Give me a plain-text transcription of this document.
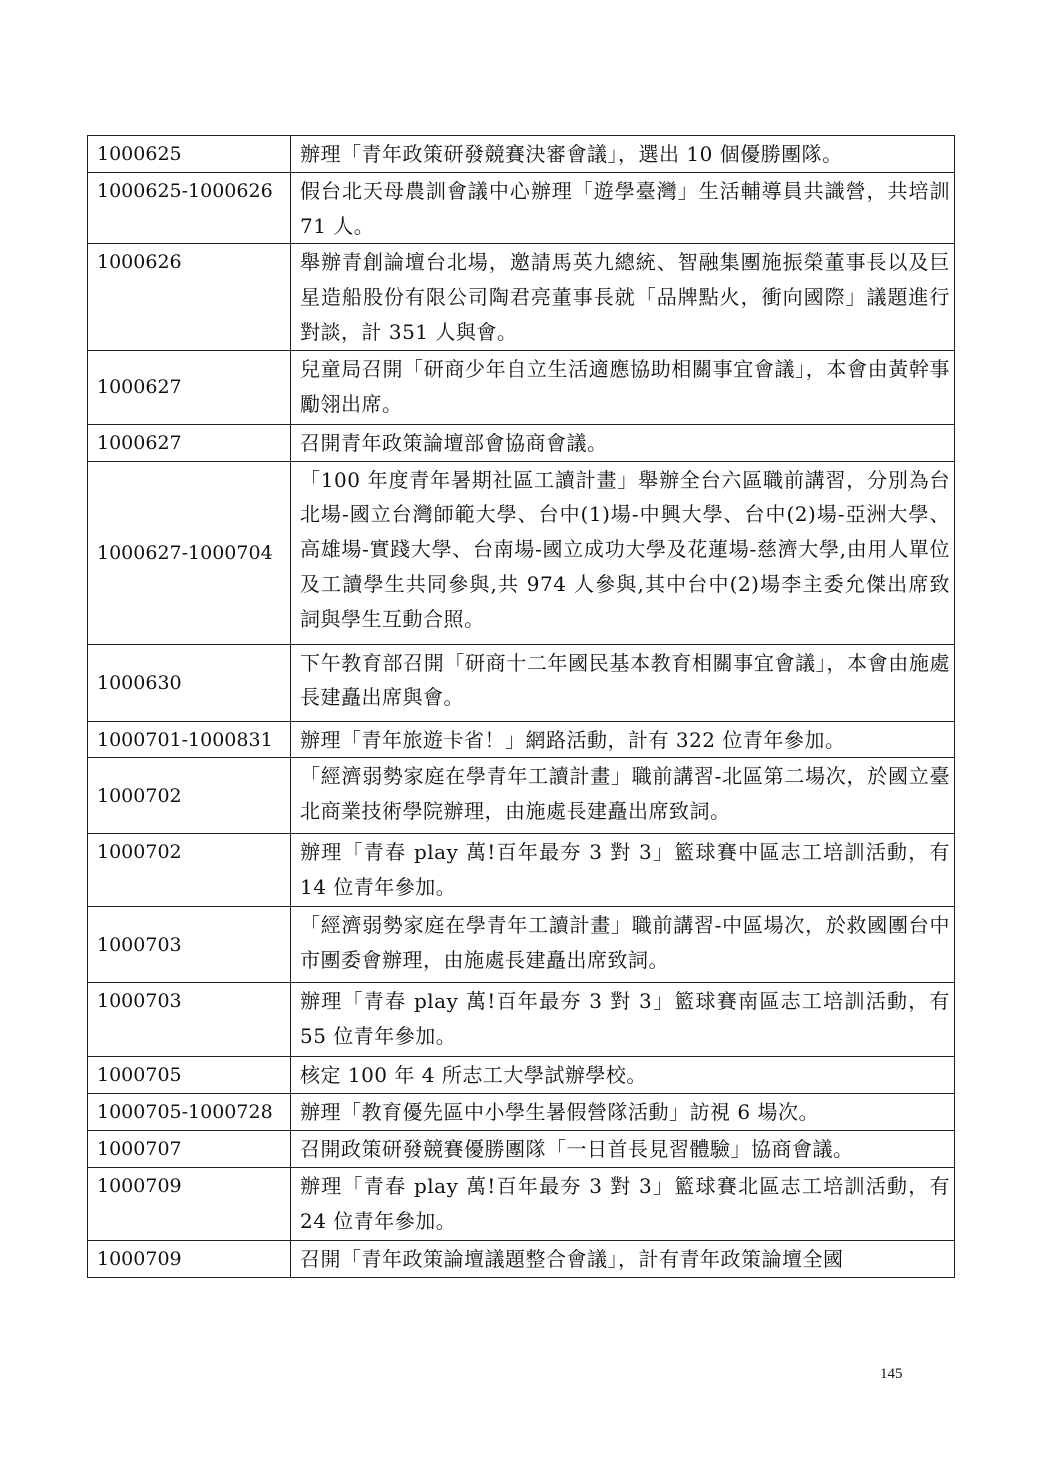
1000625	辦理「青年政策研發競賽決審會議」，選出 10 個優勝團隊。
1000625-1000626	假台北天母農訓會議中心辦理「遊學臺灣」生活輔導員共識營，共培訓 71 人。
1000626	舉辦青創論壇台北場，邀請馬英九總統、智融集團施振榮董事長以及巨星造船股份有限公司陶君亮董事長就「品牌點火，衝向國際」議題進行對談，計 351 人與會。
1000627	兒童局召開「研商少年自立生活適應協助相關事宜會議」，本會由黃幹事勵翎出席。
1000627	召開青年政策論壇部會協商會議。
1000627-1000704	「100 年度青年暑期社區工讀計畫」舉辦全台六區職前講習，分別為台北場-國立台灣師範大學、台中(1)場-中興大學、台中(2)場-亞洲大學、高雄場-實踐大學、台南場-國立成功大學及花蓮場-慈濟大學,由用人單位及工讀學生共同參與,共 974 人參與,其中台中(2)場李主委允傑出席致詞與學生互動合照。
1000630	下午教育部召開「研商十二年國民基本教育相關事宜會議」，本會由施處長建矗出席與會。
1000701-1000831	辦理「青年旅遊卡省！」網路活動，計有 322 位青年參加。
1000702	「經濟弱勢家庭在學青年工讀計畫」職前講習-北區第二場次，於國立臺北商業技術學院辦理，由施處長建矗出席致詞。
1000702	辦理「青春 play 萬!百年最夯 3 對 3」籃球賽中區志工培訓活動，有 14 位青年參加。
1000703	「經濟弱勢家庭在學青年工讀計畫」職前講習-中區場次，於救國團台中市團委會辦理，由施處長建矗出席致詞。
1000703	辦理「青春 play 萬!百年最夯 3 對 3」籃球賽南區志工培訓活動，有 55 位青年參加。
1000705	核定 100 年 4 所志工大學試辦學校。
1000705-1000728	辦理「教育優先區中小學生暑假營隊活動」訪視 6 場次。
1000707	召開政策研發競賽優勝團隊「一日首長見習體驗」協商會議。
1000709	辦理「青春 play 萬!百年最夯 3 對 3」籃球賽北區志工培訓活動，有 24 位青年參加。
1000709	召開「青年政策論壇議題整合會議」，計有青年政策論壇全國
145
